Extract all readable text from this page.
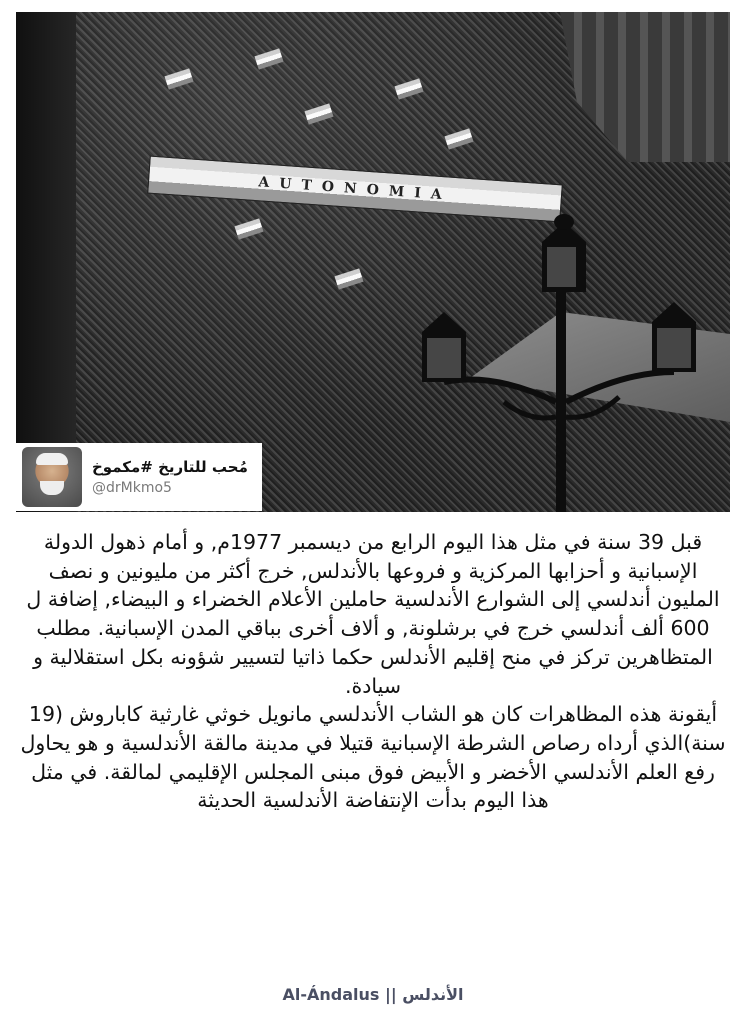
AUTONOMIA
مُحب للتاريخ #مكموخ
@drMkmo5

قبل 39 سنة في مثل هذا اليوم الرابع من ديسمبر 1977م, و أمام ذهول الدولة الإسبانية و أحزابها المركزية و فروعها بالأندلس, خرج أكثر من مليونين و نصف المليون أندلسي إلى الشوارع الأندلسية حاملين الأعلام الخضراء و البيضاء, إضافة ل 600 ألف أندلسي خرج في برشلونة, و ألاف أخرى بباقي المدن الإسبانية. مطلب المتظاهرين تركز في منح إقليم الأندلس حكما ذاتيا لتسيير شؤونه بكل استقلالية و سيادة.

أيقونة هذه المظاهرات كان هو الشاب الأندلسي مانويل خوثي غارثية كاباروش (19 سنة)الذي أرداه رصاص الشرطة الإسبانية قتيلا في مدينة مالقة الأندلسية و هو يحاول رفع العلم الأندلسي الأخضر و الأبيض فوق مبنى المجلس الإقليمي لمالقة. في مثل هذا اليوم بدأت الإنتفاضة الأندلسية الحديثة

Al-Ándalus || الأندلس
